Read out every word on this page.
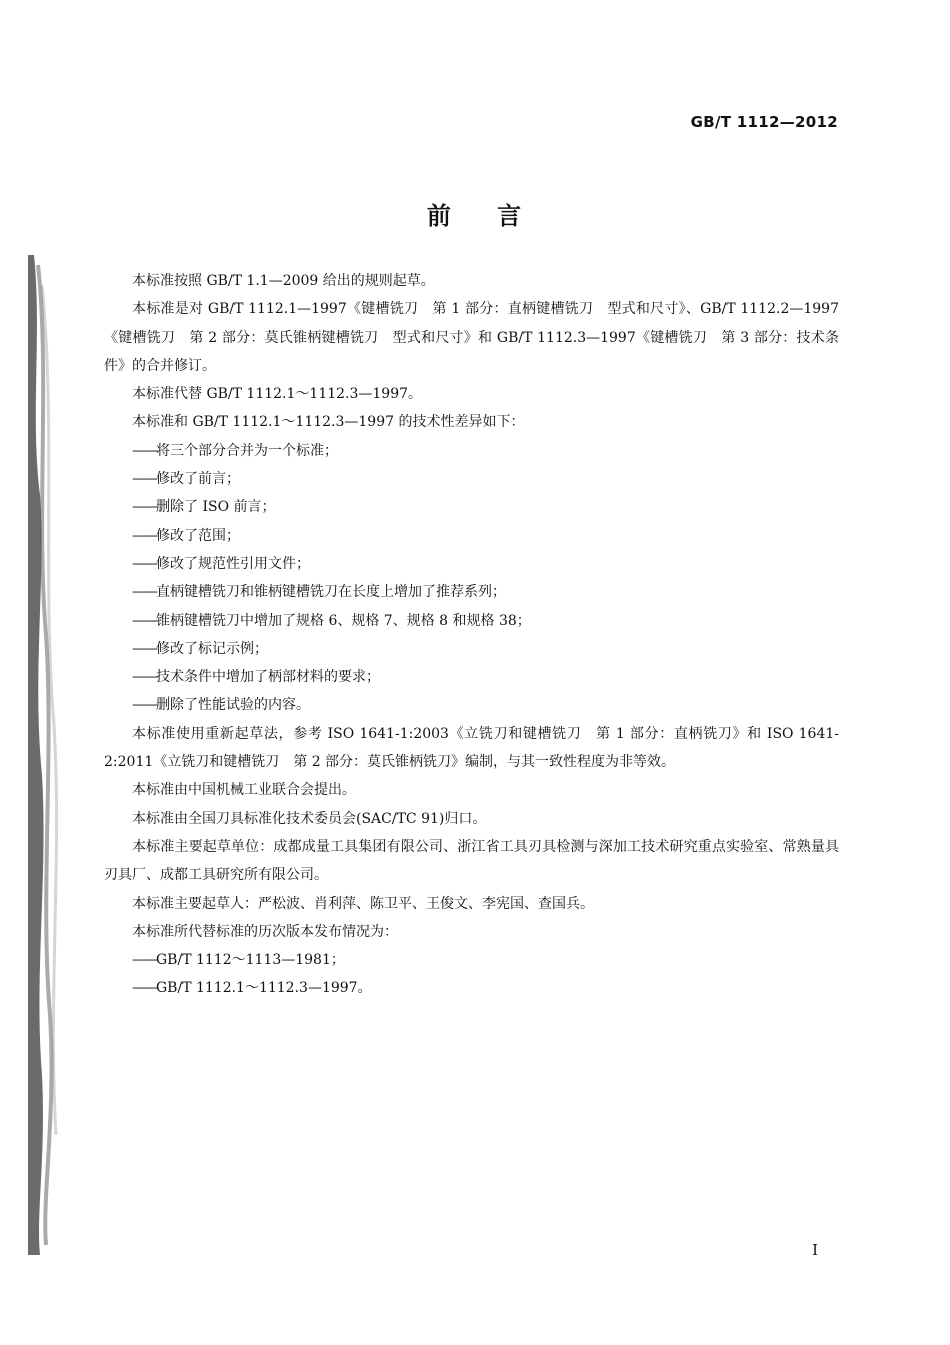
GB/T 1112—2012
前 言

本标准按照 GB/T 1.1—2009 给出的规则起草。

本标准是对 GB/T 1112.1—1997《键槽铣刀　第 1 部分：直柄键槽铣刀　型式和尺寸》、GB/T 1112.2—1997《键槽铣刀　第 2 部分：莫氏锥柄键槽铣刀　型式和尺寸》和 GB/T 1112.3—1997《键槽铣刀　第 3 部分：技术条件》的合并修订。

本标准代替 GB/T 1112.1～1112.3—1997。

本标准和 GB/T 1112.1～1112.3—1997 的技术性差异如下：

——将三个部分合并为一个标准；

——修改了前言；

——删除了 ISO 前言；

——修改了范围；

——修改了规范性引用文件；

——直柄键槽铣刀和锥柄键槽铣刀在长度上增加了推荐系列；

——锥柄键槽铣刀中增加了规格 6、规格 7、规格 8 和规格 38；

——修改了标记示例；

——技术条件中增加了柄部材料的要求；

——删除了性能试验的内容。

本标准使用重新起草法，参考 ISO 1641-1:2003《立铣刀和键槽铣刀　第 1 部分：直柄铣刀》和 ISO 1641-2:2011《立铣刀和键槽铣刀　第 2 部分：莫氏锥柄铣刀》编制，与其一致性程度为非等效。

本标准由中国机械工业联合会提出。

本标准由全国刀具标准化技术委员会(SAC/TC 91)归口。

本标准主要起草单位：成都成量工具集团有限公司、浙江省工具刃具检测与深加工技术研究重点实验室、常熟量具刃具厂、成都工具研究所有限公司。

本标准主要起草人：严松波、肖利萍、陈卫平、王俊文、李宪国、查国兵。

本标准所代替标准的历次版本发布情况为：

——GB/T 1112～1113—1981；

——GB/T 1112.1～1112.3—1997。

I
